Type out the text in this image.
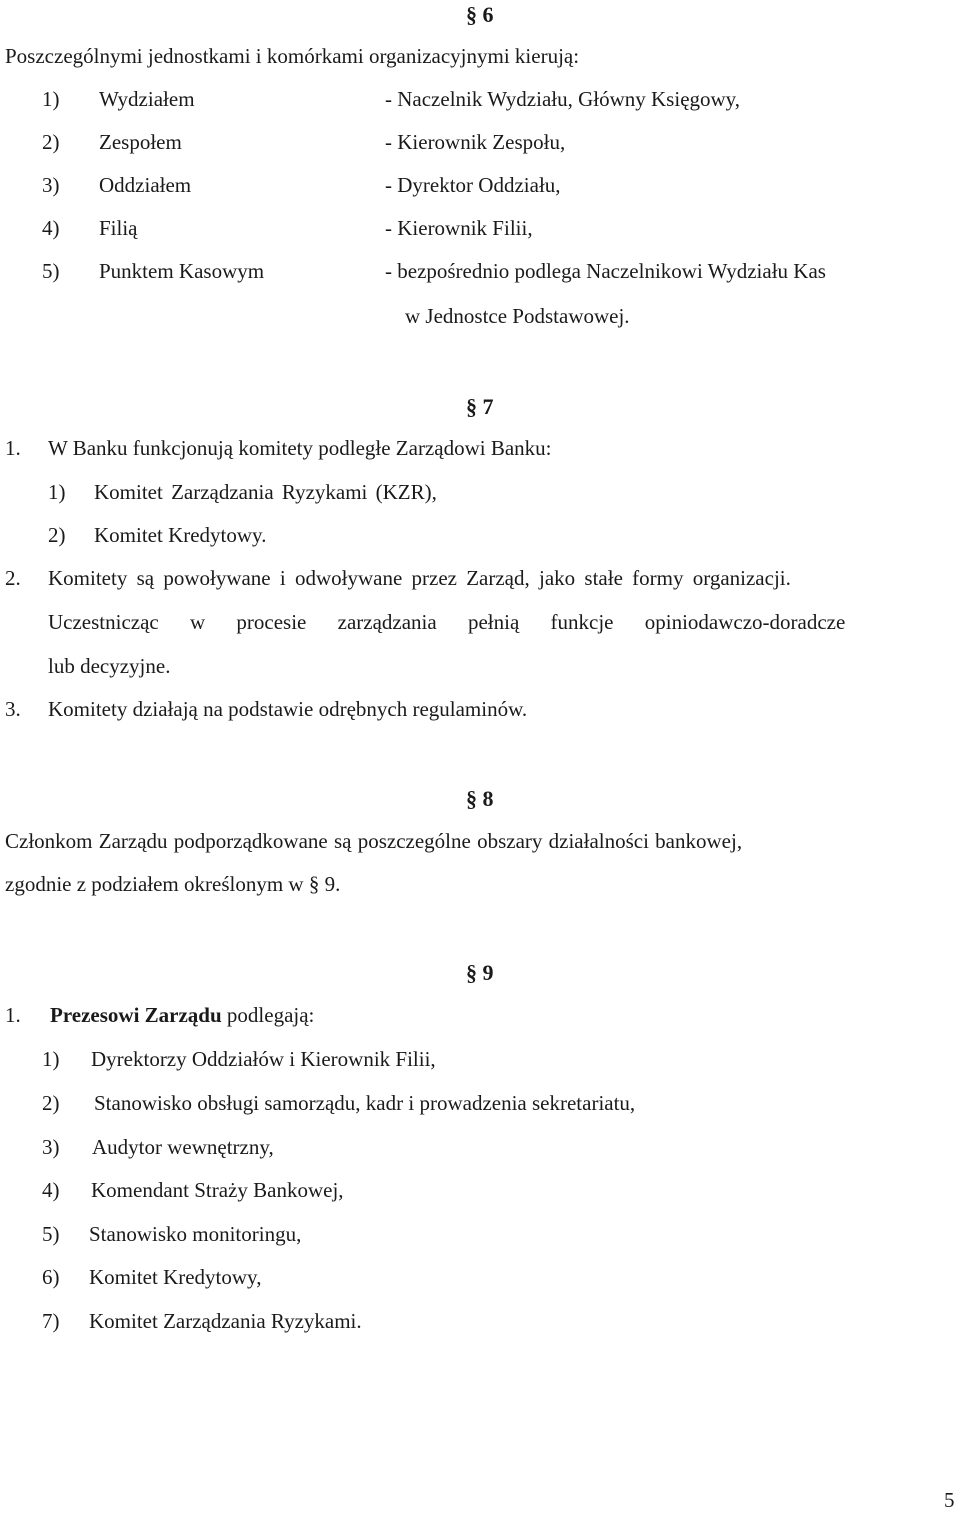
§ 6
Poszczególnymi jednostkami i komórkami organizacyjnymi kierują:
1) Wydziałem	- Naczelnik Wydziału, Główny Księgowy,
2) Zespołem	- Kierownik Zespołu,
3) Oddziałem	- Dyrektor Oddziału,
4) Filią	- Kierownik Filii,
5) Punktem Kasowym	- bezpośrednio podlega Naczelnikowi Wydziału Kas
w Jednostce Podstawowej.
§ 7
1. W Banku funkcjonują komitety podległe Zarządowi Banku:
1) Komitet Zarządzania Ryzykami (KZR),
2) Komitet Kredytowy.
2. Komitety są powoływane i odwoływane przez Zarząd, jako stałe formy organizacji.
Uczestnicząc w procesie zarządzania pełnią funkcje opiniodawczo-doradcze
lub decyzyjne.
3. Komitety działają na podstawie odrębnych regulaminów.
§ 8
Członkom Zarządu podporządkowane są poszczególne obszary działalności bankowej,
zgodnie z podziałem określonym w § 9.
§ 9
1. Prezesowi Zarządu podlegają:
1) Dyrektorzy Oddziałów i Kierownik Filii,
2) Stanowisko obsługi samorządu, kadr i prowadzenia sekretariatu,
3) Audytor wewnętrzny,
4) Komendant Straży Bankowej,
5) Stanowisko monitoringu,
6) Komitet Kredytowy,
7) Komitet Zarządzania Ryzykami.
5
